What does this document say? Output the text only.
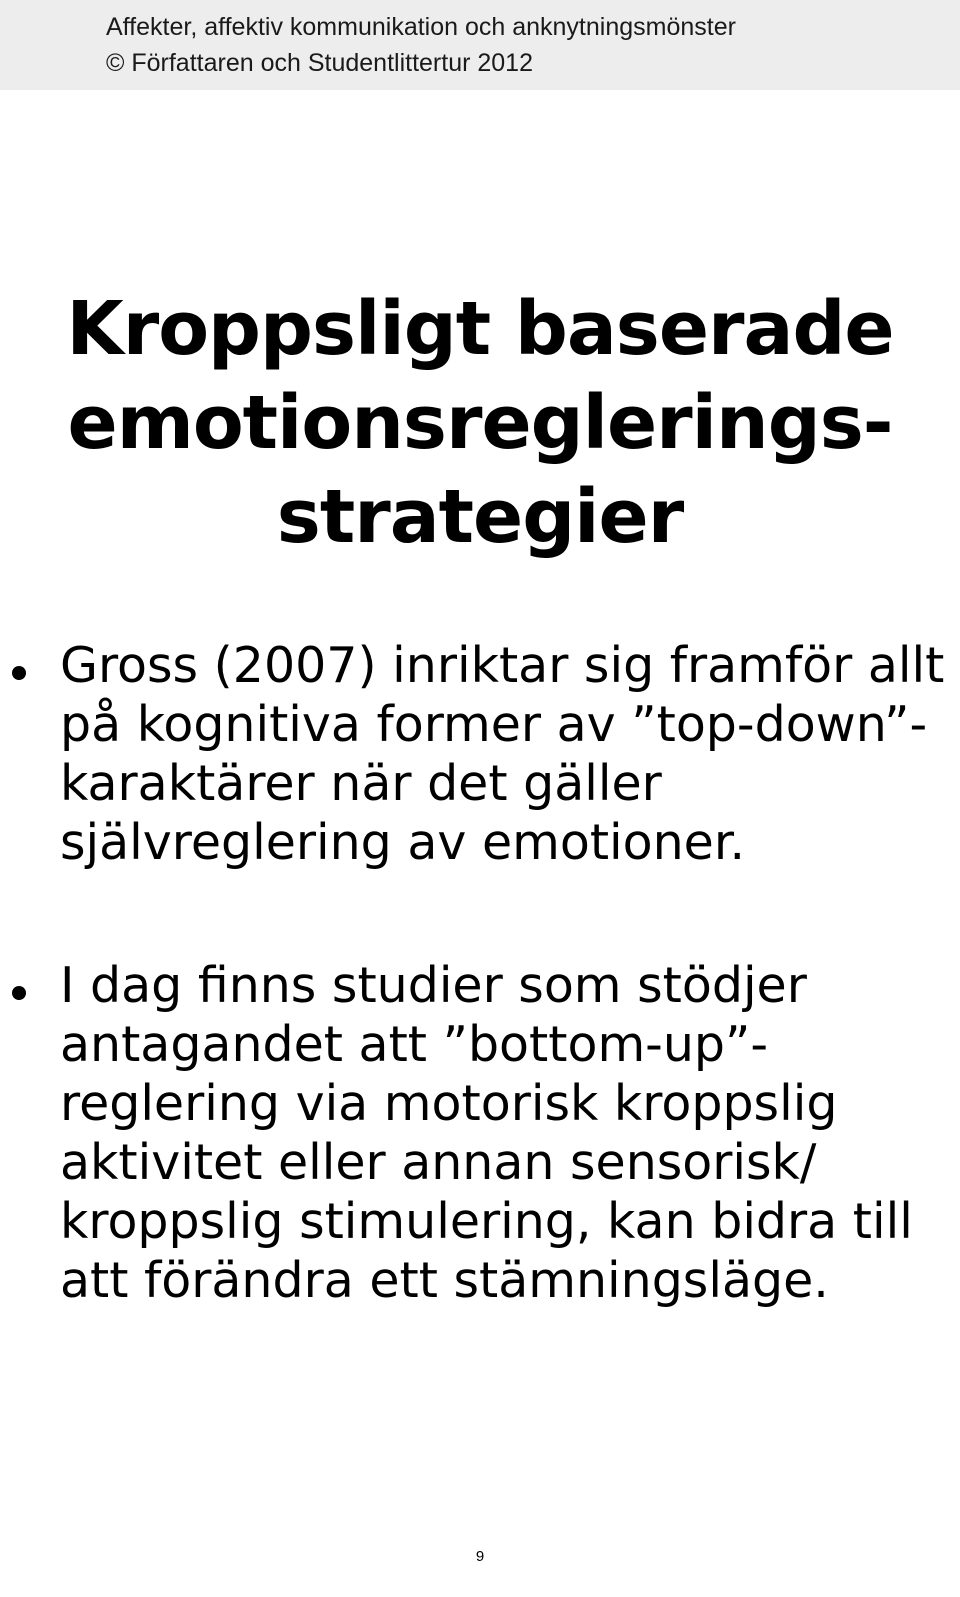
Affekter, affektiv kommunikation och anknytningsmönster
© Författaren och Studentlittertur 2012
Kroppsligt baserade
emotionsreglerings-
strategier
Gross (2007) inriktar sig framför allt
på kognitiva former av ”top-down”-
karaktärer när det gäller
självreglering av emotioner.
I dag finns studier som stödjer
antagandet att ”bottom-up”-
reglering via motorisk kroppslig
aktivitet eller annan sensorisk/
kroppslig stimulering, kan bidra till
att förändra ett stämningsläge.
9
